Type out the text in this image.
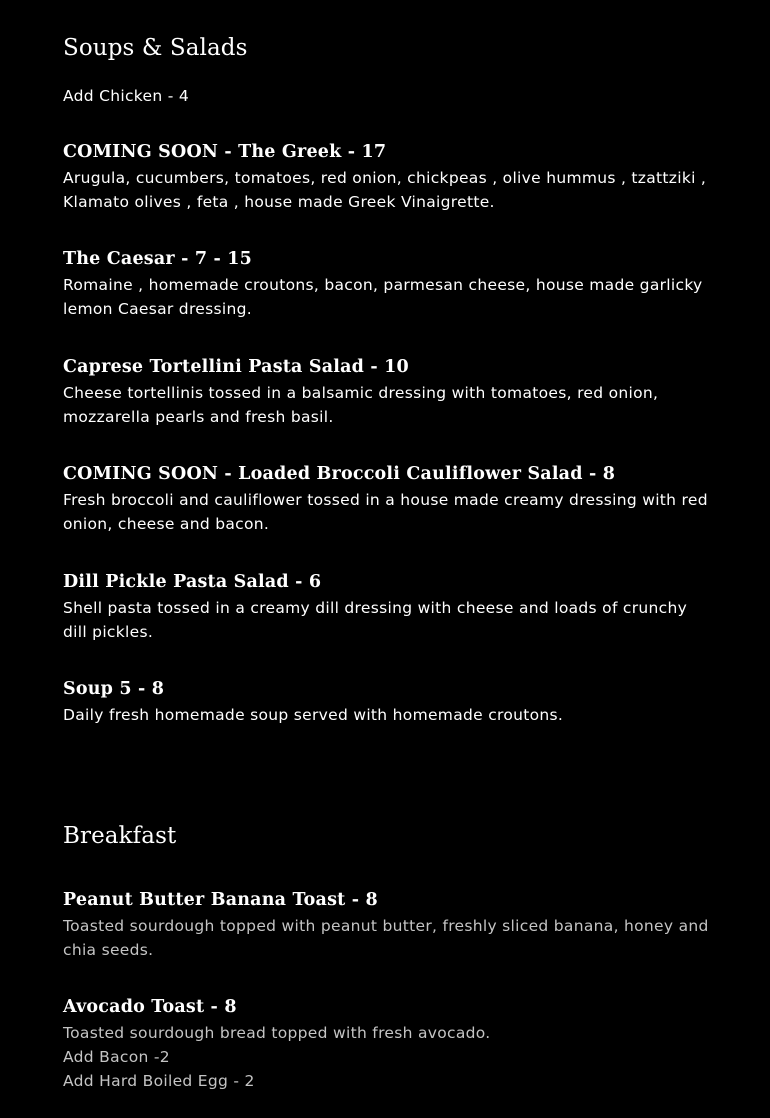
Soups & Salads

Add Chicken - 4

COMING SOON - The Greek - 17

Arugula, cucumbers, tomatoes, red onion, chickpeas , olive hummus , tzattziki , Klamato olives , feta , house made Greek Vinaigrette.

The Caesar - 7 - 15

Romaine , homemade croutons, bacon, parmesan cheese, house made garlicky lemon Caesar dressing.

Caprese Tortellini Pasta Salad - 10

Cheese tortellinis tossed in a balsamic dressing with tomatoes, red onion, mozzarella pearls and fresh basil.

COMING SOON - Loaded Broccoli Cauliflower Salad - 8

Fresh broccoli and cauliflower tossed in a house made creamy dressing with red onion, cheese and bacon.

Dill Pickle Pasta Salad - 6

Shell pasta tossed in a creamy dill dressing with cheese and loads of crunchy dill pickles.

Soup 5 - 8

Daily fresh homemade soup served with homemade croutons.

Breakfast

Peanut Butter Banana Toast - 8

Toasted sourdough topped with peanut butter, freshly sliced banana, honey and chia seeds.

Avocado Toast - 8

Toasted sourdough bread topped with fresh avocado.
Add Bacon -2
Add Hard Boiled Egg - 2
